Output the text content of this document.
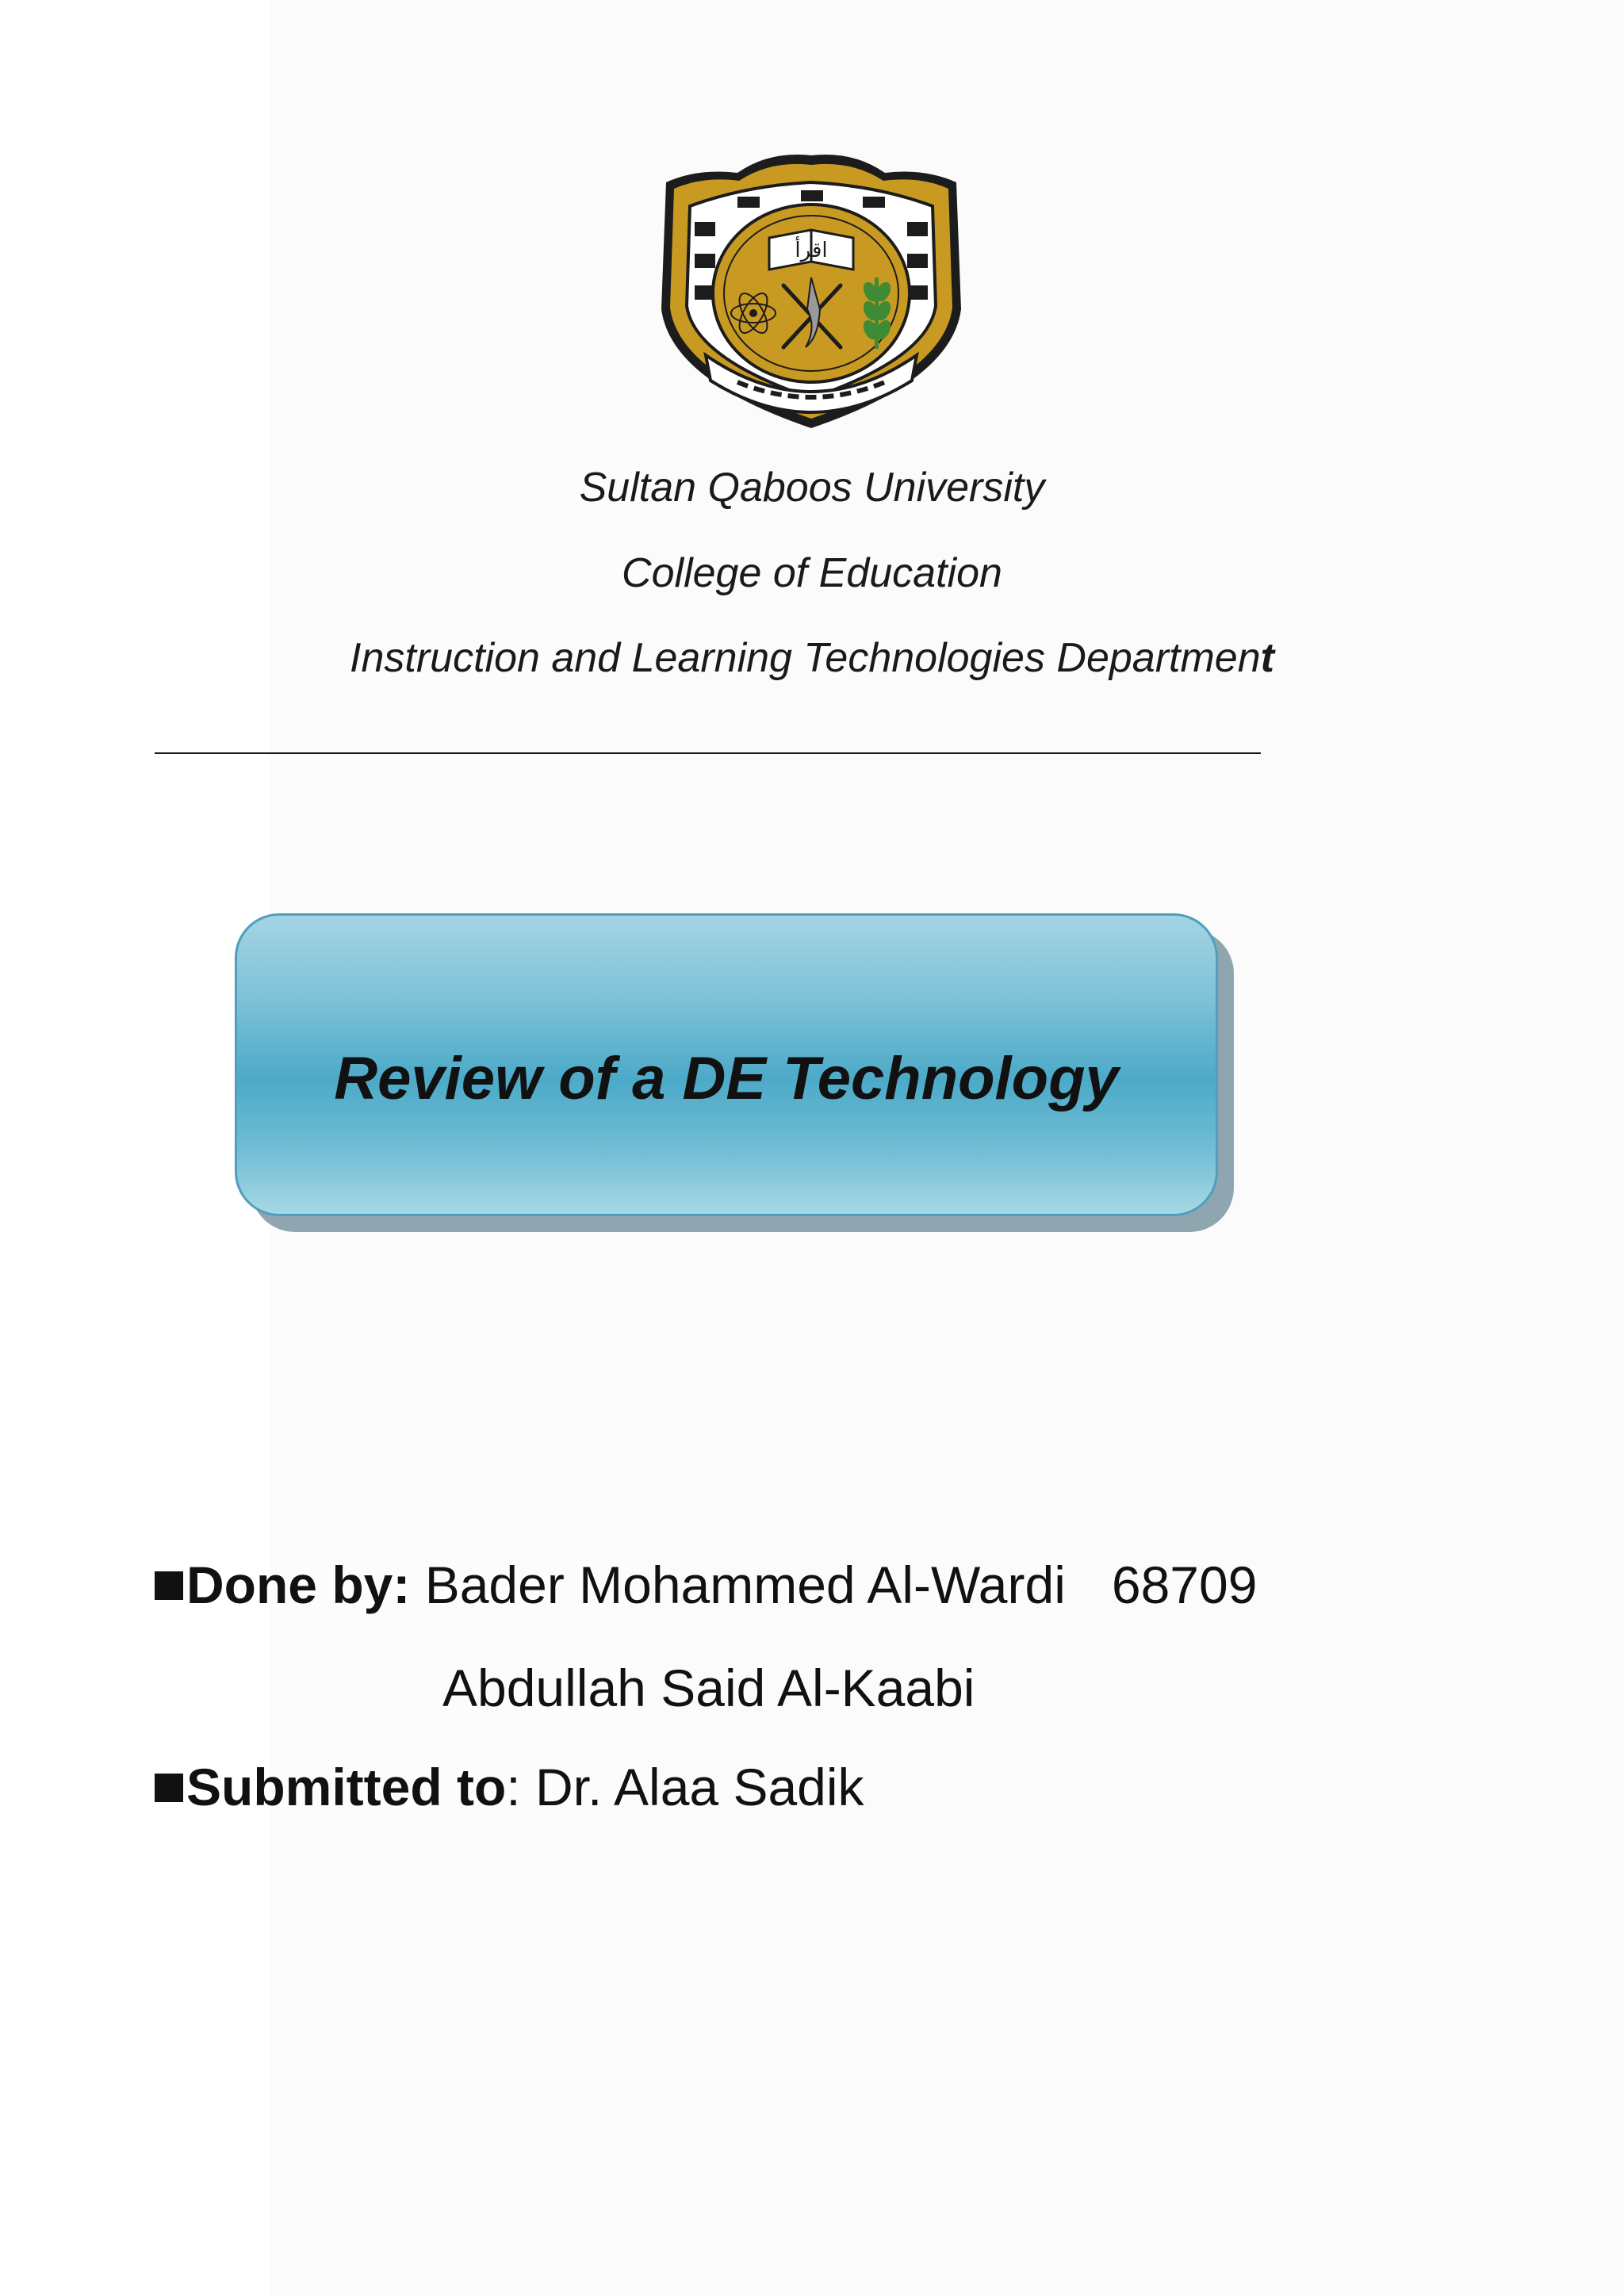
اقرأ
Sultan Qaboos University
College of Education
Instruction and Learning Technologies Department
Review of a DE Technology
Done by: Bader Mohammed Al-Wardi 68709
Abdullah Said Al-Kaabi
Submitted to: Dr. Alaa Sadik
